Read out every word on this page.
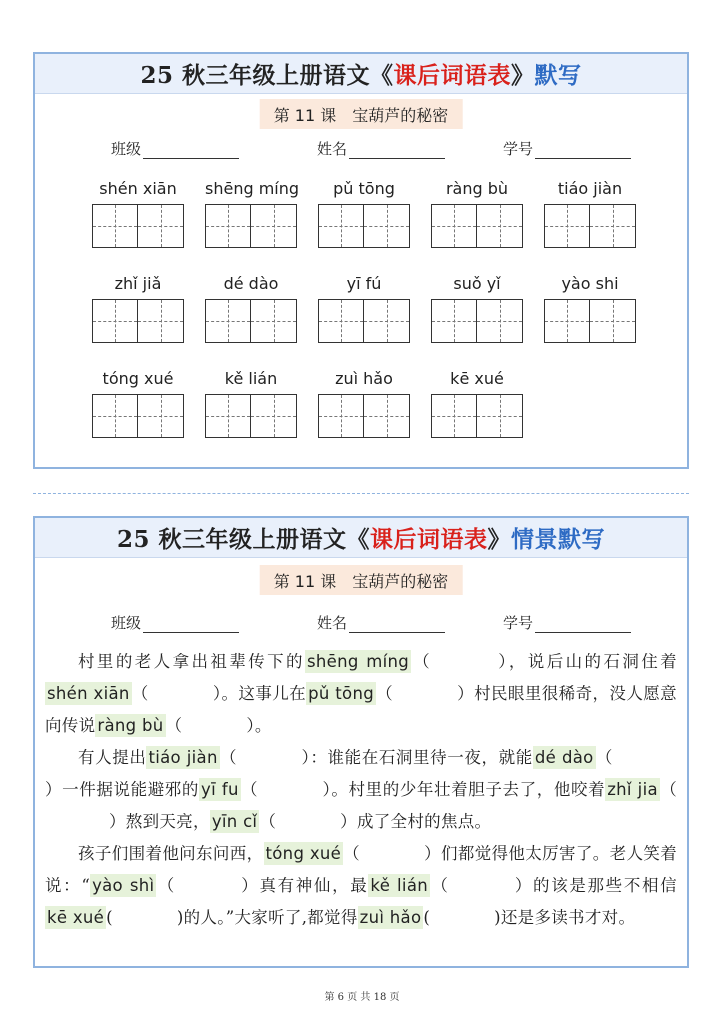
25 秋三年级上册语文《 课后词语表 》 默写
第 11 课 宝葫芦的秘密
班级	姓名	学号
shén xiān	shēng míng	pǔ tōng	ràng bù	tiáo jiàn
zhǐ jiǎ	dé dào	yī fú	suǒ yǐ	yào shi
tóng xué	kě lián	zuì hǎo	kē xué
25 秋三年级上册语文《 课后词语表 》 情景默写
第 11 课 宝葫芦的秘密
班级	姓名	学号

村里的老人拿出祖辈传下的 shēng míng （	），说后山的石洞住着shén xiān （	）。这事儿在 pǔ tōng （	）村民眼里很稀奇，没人愿意向传说 ràng bù （	）。

有人提出 tiáo jiàn （	）：谁能在石洞里待一夜，就能 dé dào （）一件据说能避邪的 yī fu （	）。村里的少年壮着胆子去了，他咬着 zhǐ jia （）熬到天亮， yīn cǐ （	）成了全村的焦点。

孩子们围着他问东问西， tóng xué （	）们都觉得他太厉害了。老人笑着说：“ yào shì （	）真有神仙，最 kě lián （	）的该是那些不相信kē xué (	)的人。”大家听了,都觉得 zuì hǎo (	)还是多读书才对。

第 6 页 共 18 页
